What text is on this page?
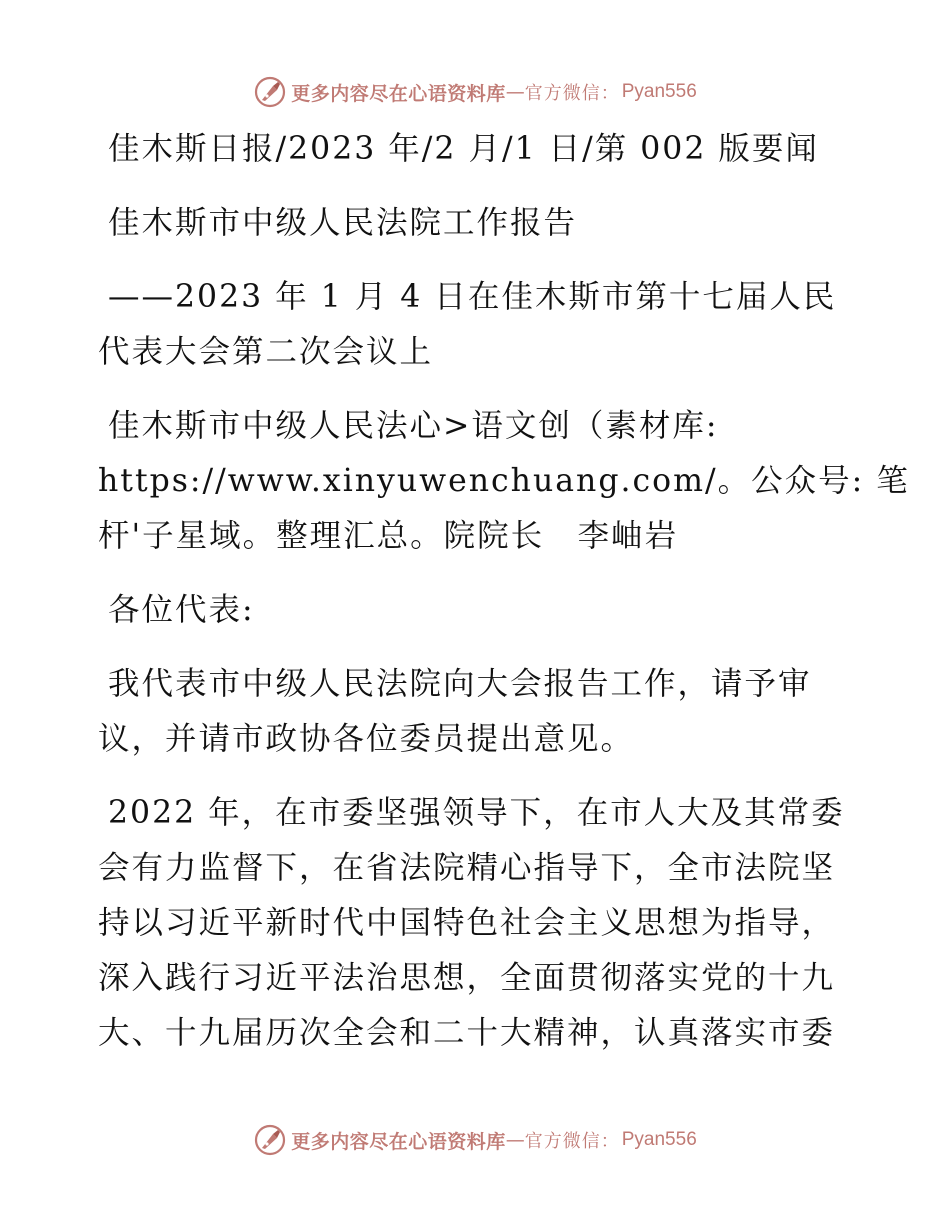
更多内容尽在心语资料库 — 官方微信： Pyan556
佳木斯日报/2023 年/2 月/1 日/第 002 版要闻
佳木斯市中级人民法院工作报告
——2023 年 1 月 4 日在佳木斯市第十七届人民
代表大会第二次会议上
佳木斯市中级人民法心>语文创（素材库:
https://www.xinyuwenchuang.com/。公众号: 笔
杆'子星域。整理汇总。院院长　李岫岩
各位代表:
我代表市中级人民法院向大会报告工作，请予审
议，并请市政协各位委员提出意见。
2022 年，在市委坚强领导下，在市人大及其常委
会有力监督下，在省法院精心指导下，全市法院坚
持以习近平新时代中国特色社会主义思想为指导，
深入践行习近平法治思想，全面贯彻落实党的十九
大、十九届历次全会和二十大精神，认真落实市委
更多内容尽在心语资料库 — 官方微信： Pyan556
